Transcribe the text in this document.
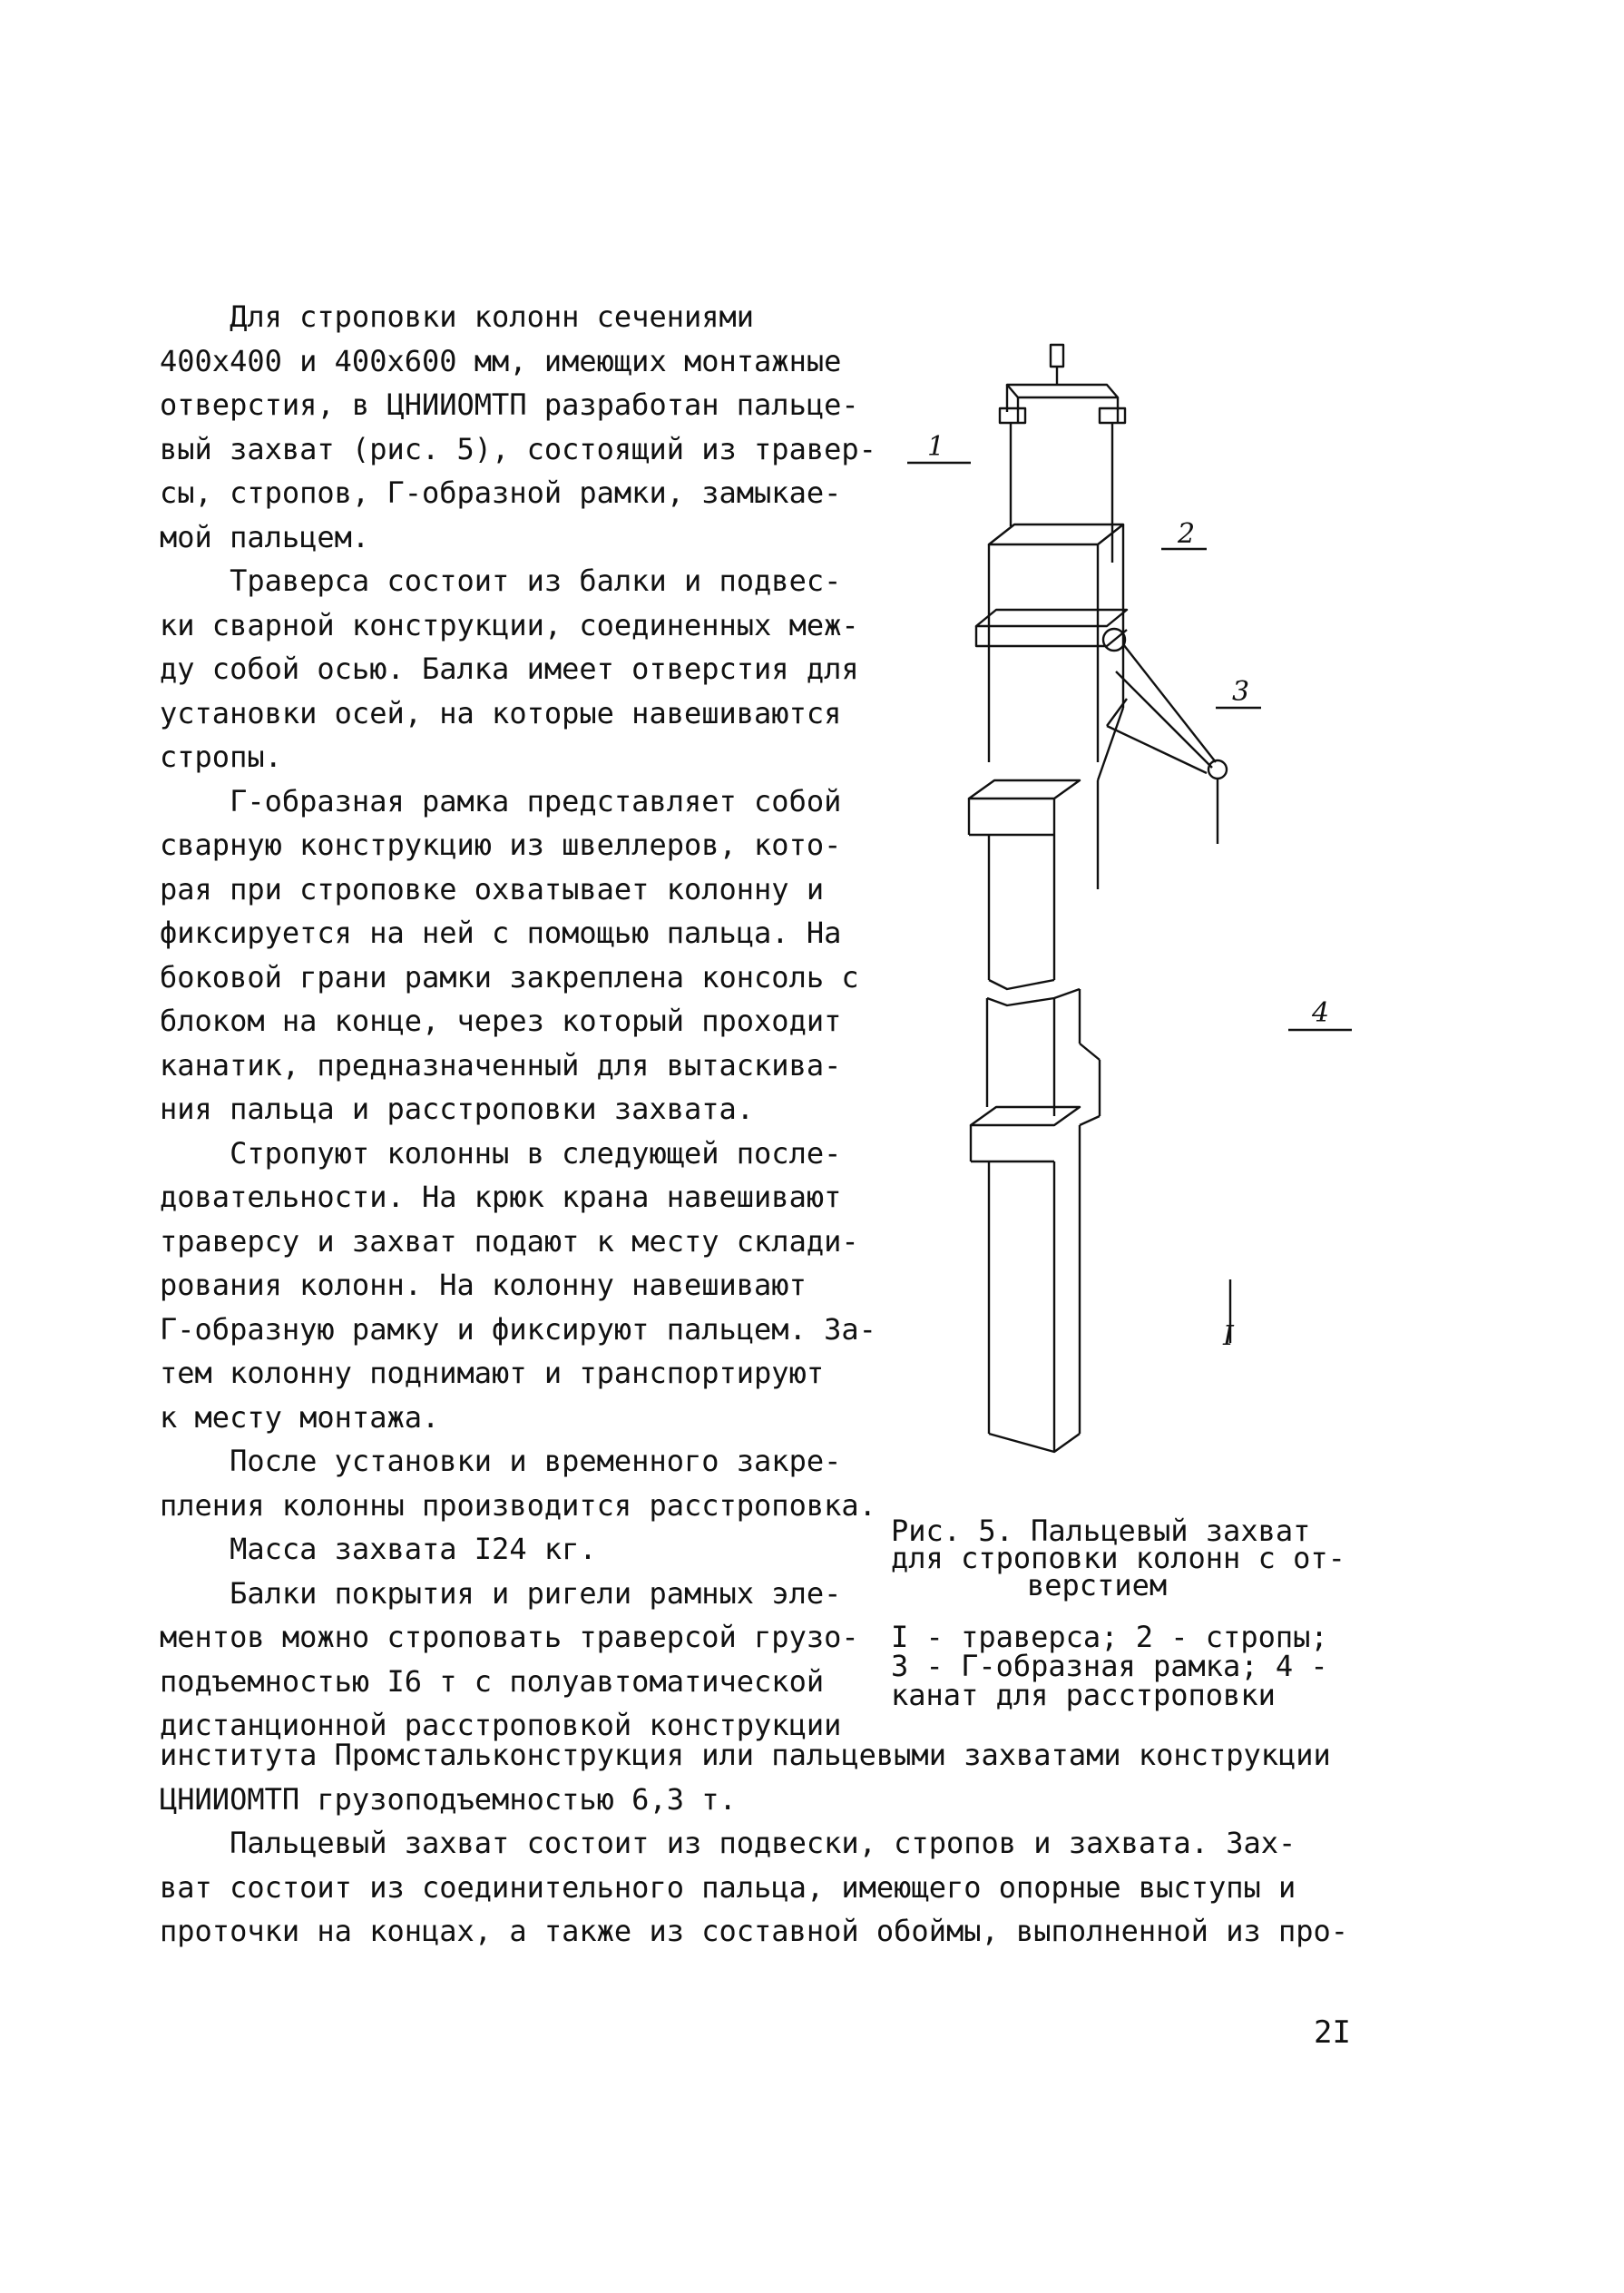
Для строповки колонн сечениями
400х400 и 400х600 мм, имеющих монтажные
отверстия, в ЦНИИОМТП разработан пальце-
вый захват (рис. 5), состоящий из травер-
сы, стропов, Г-образной рамки, замыкае-
мой пальцем.
Траверса состоит из балки и подвес-
ки сварной конструкции, соединенных меж-
ду собой осью. Балка имеет отверстия для
установки осей, на которые навешиваются
стропы.
Г-образная рамка представляет собой
сварную конструкцию из швеллеров, кото-
рая при строповке охватывает колонну и
фиксируется на ней с помощью пальца. На
боковой грани рамки закреплена консоль с
блоком на конце, через который проходит
канатик, предназначенный для вытаскива-
ния пальца и расстроповки захвата.
Стропуют колонны в следующей после-
довательности. На крюк крана навешивают
траверсу и захват подают к месту склади-
рования колонн. На колонну навешивают
Г-образную рамку и фиксируют пальцем. За-
тем колонну поднимают и транспортируют
к месту монтажа.
После установки и временного закре-
пления колонны производится расстроповка.
Масса захвата I24 кг.
Балки покрытия и ригели рамных эле-
ментов можно стропoвать траверсой грузо-
подъемностью I6 т с полуавтоматической
дистанционной расстроповкой конструкции
1
2
3
4
I
Рис. 5. Пальцевый захват
для строповки колонн с от-
верстием
I - траверса; 2 - стропы;
3 - Г-образная рамка; 4 -
канат для расстроповки
института Промстальконструкция или пальцевыми захватами конструкции
ЦНИИОМТП грузоподъемностью 6,3 т.
Пальцевый захват состоит из подвески, стропов и захвата. Зах-
ват состоит из соединительного пальца, имеющего опорные выступы и
проточки на концах, а также из составной обоймы, выполненной из про-
2I
